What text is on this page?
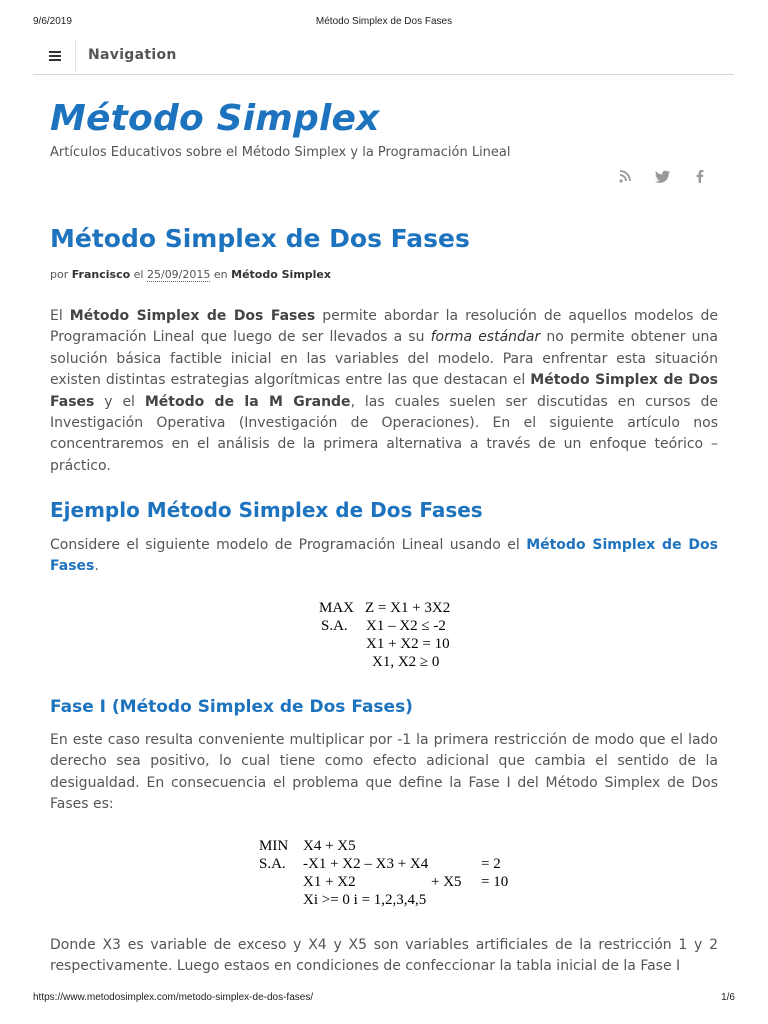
9/6/2019	Método Simplex de Dos Fases
Navigation
Método Simplex
Artículos Educativos sobre el Método Simplex y la Programación Lineal
Método Simplex de Dos Fases
por Francisco el 25/09/2015 en Método Simplex

El Método Simplex de Dos Fases permite abordar la resolución de aquellos modelos de Programación Lineal que luego de ser llevados a su forma estándar no permite obtener una solución básica factible inicial en las variables del modelo. Para enfrentar esta situación existen distintas estrategias algorítmicas entre las que destacan el Método Simplex de Dos Fases y el Método de la M Grande, las cuales suelen ser discutidas en cursos de Investigación Operativa (Investigación de Operaciones). En el siguiente artículo nos concentraremos en el análisis de la primera alternativa a través de un enfoque teórico – práctico.

Ejemplo Método Simplex de Dos Fases

Considere el siguiente modelo de Programación Lineal usando el Método Simplex de Dos Fases.

MAX Z = X1 + 3X2
S.A. X1 – X2 ≤ -2
X1 + X2 = 10
X1, X2 ≥ 0
Fase I (Método Simplex de Dos Fases)

En este caso resulta conveniente multiplicar por -1 la primera restricción de modo que el lado derecho sea positivo, lo cual tiene como efecto adicional que cambia el sentido de la desigualdad. En consecuencia el problema que define la Fase I del Método Simplex de Dos Fases es:

MIN X4 + X5
S.A. -X1 + X2 – X3 + X4	= 2
X1 + X2	+ X5 = 10
Xi >= 0 i = 1,2,3,4,5

Donde X3 es variable de exceso y X4 y X5 son variables artificiales de la restricción 1 y 2 respectivamente. Luego estaos en condiciones de confeccionar la tabla inicial de la Fase I

https://www.metodosimplex.com/metodo-simplex-de-dos-fases/	1/6
